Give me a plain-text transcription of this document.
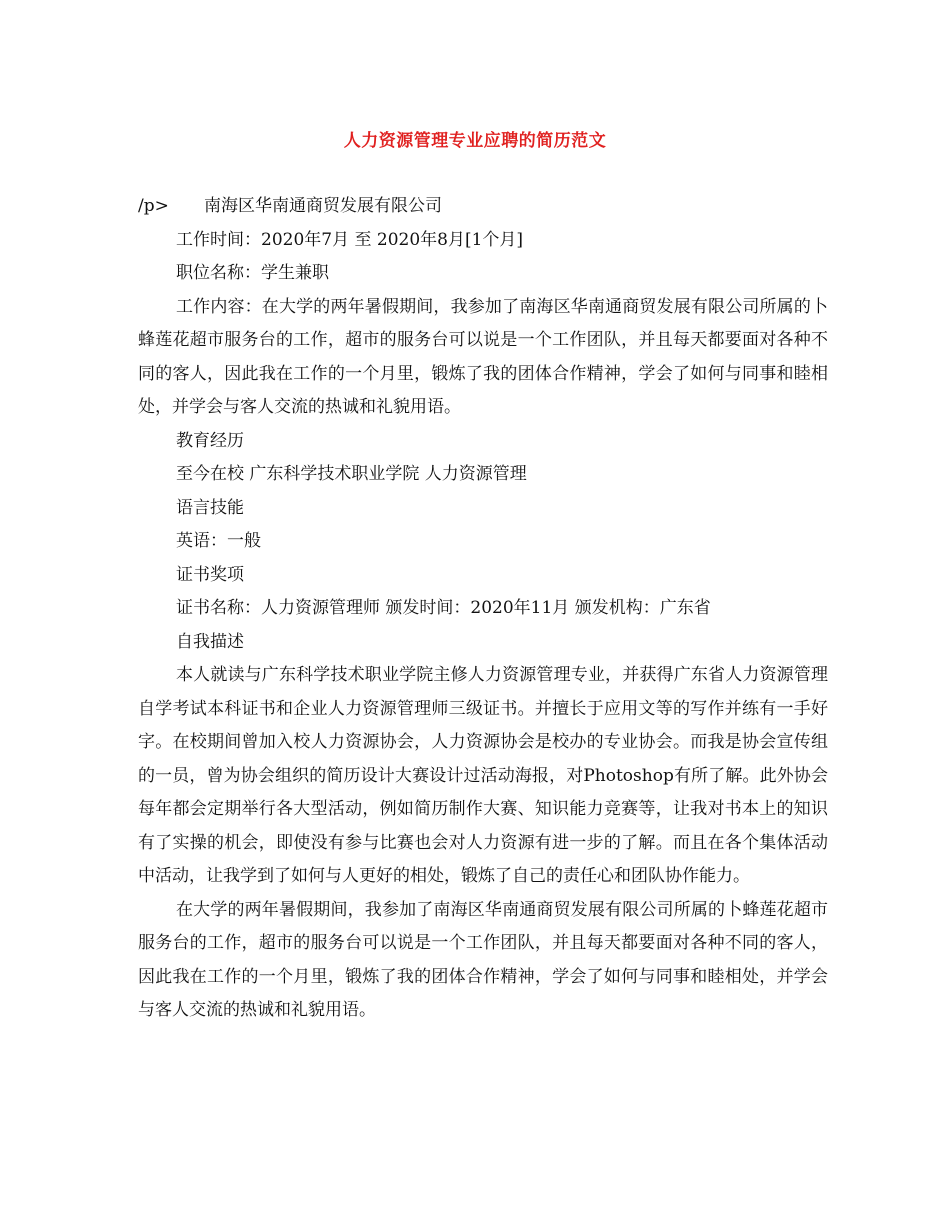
人力资源管理专业应聘的简历范文
/p> 南海区华南通商贸发展有限公司
工作时间：2020年7月 至 2020年8月[1个月]
职位名称：学生兼职

工作内容：在大学的两年暑假期间，我参加了南海区华南通商贸发展有限公司所属的卜蜂莲花超市服务台的工作，超市的服务台可以说是一个工作团队，并且每天都要面对各种不同的客人，因此我在工作的一个月里，锻炼了我的团体合作精神，学会了如何与同事和睦相处，并学会与客人交流的热诚和礼貌用语。

教育经历
至今在校 广东科学技术职业学院 人力资源管理
语言技能
英语：一般
证书奖项
证书名称：人力资源管理师 颁发时间：2020年11月 颁发机构：广东省
自我描述

本人就读与广东科学技术职业学院主修人力资源管理专业，并获得广东省人力资源管理自学考试本科证书和企业人力资源管理师三级证书。并擅长于应用文等的写作并练有一手好字。在校期间曾加入校人力资源协会，人力资源协会是校办的专业协会。而我是协会宣传组的一员，曾为协会组织的简历设计大赛设计过活动海报，对Photoshop有所了解。此外协会每年都会定期举行各大型活动，例如简历制作大赛、知识能力竞赛等，让我对书本上的知识有了实操的机会，即使没有参与比赛也会对人力资源有进一步的了解。而且在各个集体活动中活动，让我学到了如何与人更好的相处，锻炼了自己的责任心和团队协作能力。

在大学的两年暑假期间，我参加了南海区华南通商贸发展有限公司所属的卜蜂莲花超市服务台的工作，超市的服务台可以说是一个工作团队，并且每天都要面对各种不同的客人，因此我在工作的一个月里，锻炼了我的团体合作精神，学会了如何与同事和睦相处，并学会与客人交流的热诚和礼貌用语。
